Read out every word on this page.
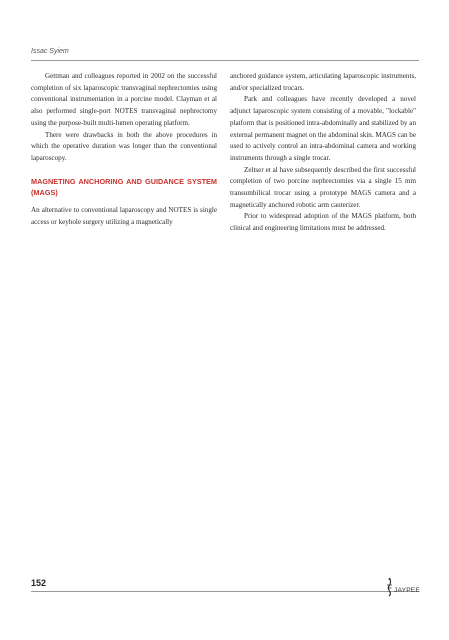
Issac Syiem

Gettman and colleagues reported in 2002 on the successful completion of six laparoscopic transvaginal nephrectomies using conventional instrumentation in a porcine model. Clayman et al also performed single-port NOTES transvaginal nephrectomy using the purpose-built multi-lumen operating platform.

There were drawbacks in both the above procedures in which the operative duration was longer than the conventional laparoscopy.

MAGNETING ANCHORING AND GUIDANCE SYSTEM (MAGS)

An alternative to conventional laparoscopy and NOTES is single access or keyhole surgery utilizing a magnetically

anchored guidance system, articulating laparoscopic instruments, and/or specialized trocars.

Park and colleagues have recently developed a novel adjunct laparoscopic system consisting of a movable, "lockable" platform that is positioned intra-abdominally and stabilized by an external permanent magnet on the abdominal skin. MAGS can be used to actively control an intra-abdominal camera and working instruments through a single trocar.

Zeltser et al have subsequently described the first successful completion of two porcine nephrectomies via a single 15 mm transumbilical trocar using a prototype MAGS camera and a magnetically anchored robotic arm cauterizer.

Prior to widespread adoption of the MAGS platform, both clinical and engineering limitations must be addressed.

152
JAYPEE
